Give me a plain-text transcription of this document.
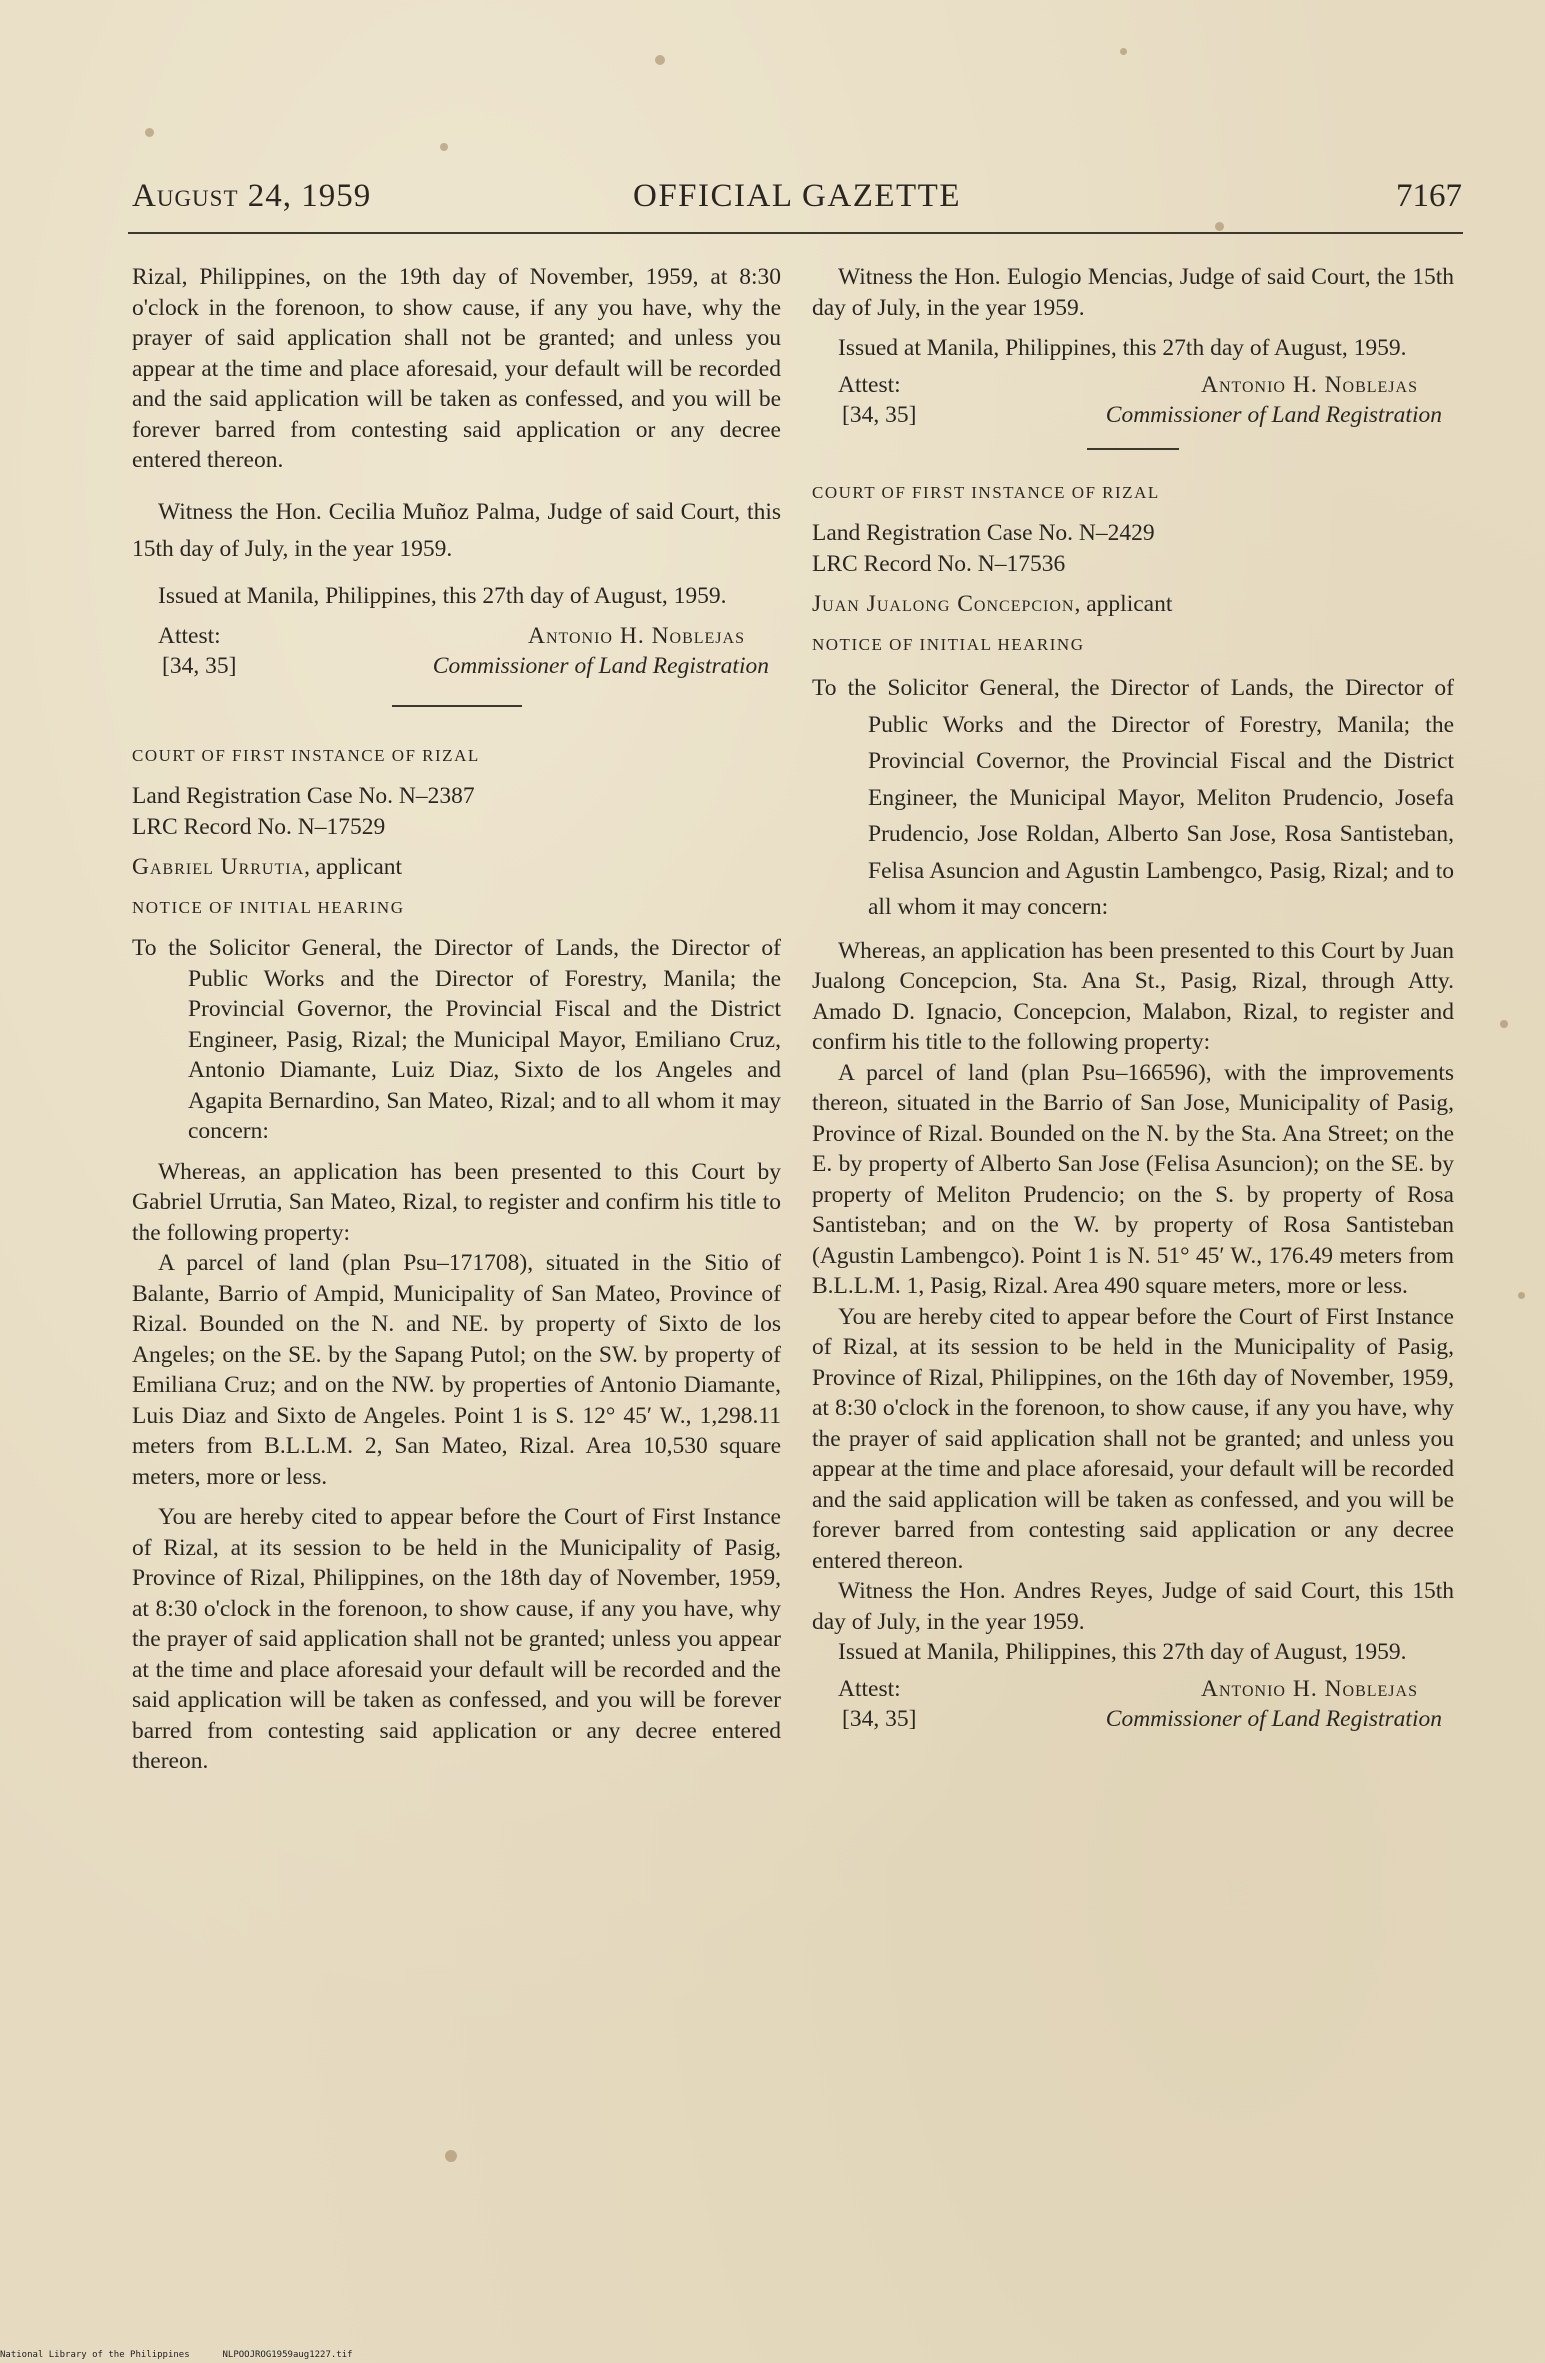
August 24, 1959	OFFICIAL GAZETTE	7167

Rizal, Philippines, on the 19th day of November, 1959, at 8:30 o'clock in the forenoon, to show cause, if any you have, why the prayer of said application shall not be granted; and unless you appear at the time and place aforesaid, your default will be recorded and the said application will be taken as confessed, and you will be forever barred from contesting said application or any decree entered thereon.

Witness the Hon. Cecilia Muñoz Palma, Judge of said Court, this 15th day of July, in the year 1959.

Issued at Manila, Philippines, this 27th day of August, 1959.

Attest:	Antonio H. Noblejas
[34, 35]	Commissioner of Land Registration

COURT OF FIRST INSTANCE OF RIZAL

Land Registration Case No. N–2387

LRC Record No. N–17529

Gabriel Urrutia, applicant

NOTICE OF INITIAL HEARING

To the Solicitor General, the Director of Lands, the Director of Public Works and the Director of Forestry, Manila; the Provincial Governor, the Provincial Fiscal and the District Engineer, Pasig, Rizal; the Municipal Mayor, Emiliano Cruz, Antonio Diamante, Luiz Diaz, Sixto de los Angeles and Agapita Bernardino, San Mateo, Rizal; and to all whom it may concern:

Whereas, an application has been presented to this Court by Gabriel Urrutia, San Mateo, Rizal, to register and confirm his title to the following property:

A parcel of land (plan Psu–171708), situated in the Sitio of Balante, Barrio of Ampid, Municipality of San Mateo, Province of Rizal. Bounded on the N. and NE. by property of Sixto de los Angeles; on the SE. by the Sapang Putol; on the SW. by property of Emiliana Cruz; and on the NW. by properties of Antonio Diamante, Luis Diaz and Sixto de Angeles. Point 1 is S. 12° 45′ W., 1,298.11 meters from B.L.L.M. 2, San Mateo, Rizal. Area 10,530 square meters, more or less.

You are hereby cited to appear before the Court of First Instance of Rizal, at its session to be held in the Municipality of Pasig, Province of Rizal, Philippines, on the 18th day of November, 1959, at 8:30 o'clock in the forenoon, to show cause, if any you have, why the prayer of said application shall not be granted; unless you appear at the time and place aforesaid your default will be recorded and the said application will be taken as confessed, and you will be forever barred from contesting said application or any decree entered thereon.

Witness the Hon. Eulogio Mencias, Judge of said Court, the 15th day of July, in the year 1959.

Issued at Manila, Philippines, this 27th day of August, 1959.

Attest:	Antonio H. Noblejas
[34, 35]	Commissioner of Land Registration

COURT OF FIRST INSTANCE OF RIZAL

Land Registration Case No. N–2429

LRC Record No. N–17536

Juan Jualong Concepcion, applicant

NOTICE OF INITIAL HEARING

To the Solicitor General, the Director of Lands, the Director of Public Works and the Director of Forestry, Manila; the Provincial Covernor, the Provincial Fiscal and the District Engineer, the Municipal Mayor, Meliton Prudencio, Josefa Prudencio, Jose Roldan, Alberto San Jose, Rosa Santisteban, Felisa Asuncion and Agustin Lambengco, Pasig, Rizal; and to all whom it may concern:

Whereas, an application has been presented to this Court by Juan Jualong Concepcion, Sta. Ana St., Pasig, Rizal, through Atty. Amado D. Ignacio, Concepcion, Malabon, Rizal, to register and confirm his title to the following property:

A parcel of land (plan Psu–166596), with the improvements thereon, situated in the Barrio of San Jose, Municipality of Pasig, Province of Rizal. Bounded on the N. by the Sta. Ana Street; on the E. by property of Alberto San Jose (Felisa Asuncion); on the SE. by property of Meliton Prudencio; on the S. by property of Rosa Santisteban; and on the W. by property of Rosa Santisteban (Agustin Lambengco). Point 1 is N. 51° 45′ W., 176.49 meters from B.L.L.M. 1, Pasig, Rizal. Area 490 square meters, more or less.

You are hereby cited to appear before the Court of First Instance of Rizal, at its session to be held in the Municipality of Pasig, Province of Rizal, Philippines, on the 16th day of November, 1959, at 8:30 o'clock in the forenoon, to show cause, if any you have, why the prayer of said application shall not be granted; and unless you appear at the time and place aforesaid, your default will be recorded and the said application will be taken as confessed, and you will be forever barred from contesting said application or any decree entered thereon.

Witness the Hon. Andres Reyes, Judge of said Court, this 15th day of July, in the year 1959.

Issued at Manila, Philippines, this 27th day of August, 1959.

Attest:	Antonio H. Noblejas
[34, 35]	Commissioner of Land Registration
National Library of the Philippines	NLPOOJROG1959aug1227.tif
